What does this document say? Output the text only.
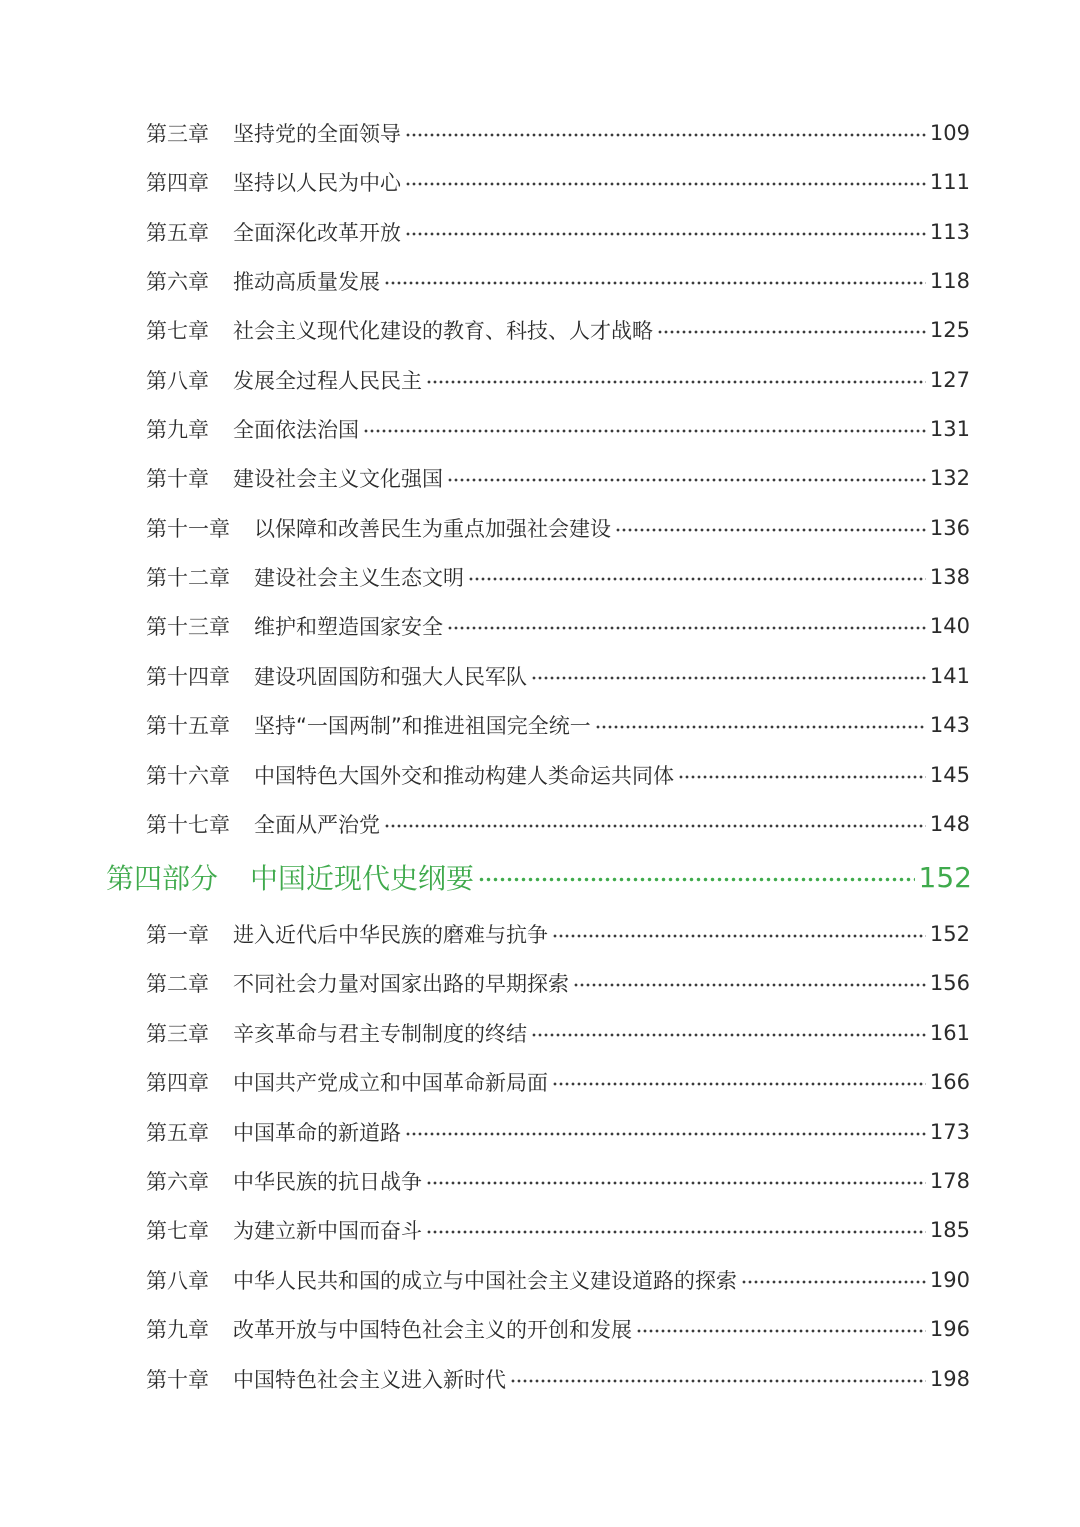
第三章	坚持党的全面领导	109
第四章	坚持以人民为中心	111
第五章	全面深化改革开放	113
第六章	推动高质量发展	118
第七章	社会主义现代化建设的教育、科技、人才战略	125
第八章	发展全过程人民民主	127
第九章	全面依法治国	131
第十章	建设社会主义文化强国	132
第十一章	以保障和改善民生为重点加强社会建设	136
第十二章	建设社会主义生态文明	138
第十三章	维护和塑造国家安全	140
第十四章	建设巩固国防和强大人民军队	141
第十五章	坚持“一国两制”和推进祖国完全统一	143
第十六章	中国特色大国外交和推动构建人类命运共同体	145
第十七章	全面从严治党	148
第四部分	中国近现代史纲要	152
第一章	进入近代后中华民族的磨难与抗争	152
第二章	不同社会力量对国家出路的早期探索	156
第三章	辛亥革命与君主专制制度的终结	161
第四章	中国共产党成立和中国革命新局面	166
第五章	中国革命的新道路	173
第六章	中华民族的抗日战争	178
第七章	为建立新中国而奋斗	185
第八章	中华人民共和国的成立与中国社会主义建设道路的探索	190
第九章	改革开放与中国特色社会主义的开创和发展	196
第十章	中国特色社会主义进入新时代	198
